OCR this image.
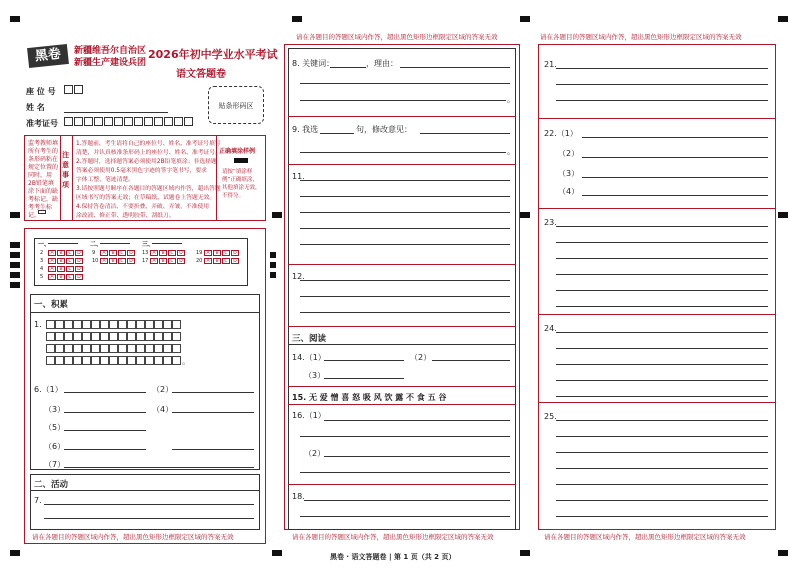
黑卷	新疆维吾尔自治区
新疆生产建设兵团
2026年初中学业水平考试
语文答题卷
座 位 号
姓 名
准考证号
贴条形码区
监考教师填所有考生的条形码粘在规定位置的同时，用2B铅笔填涂下面的缺考标记，缺考考生标记。
注意事项
1.答题前，考生请将自己的座位号、姓名、准考证号填写
清楚，并认真核准条形码上的座位号、姓名、准考证号。
2.答题时，选择题答案必须使用2B铅笔填涂；非选择题
答案必须使用0.5毫米黑色字迹的签字笔书写，要求
字体工整、笔迹清楚。
3.请按照题号顺序在各题目的答题区域内作答，超出答题
区域书写的答案无效；在草稿纸、试题卷上答题无效。
4.保持答卷清洁、不要折叠、弄破、弄皱，不准使用
涂改液、修正带、透明胶带、刮纸刀。
正确填涂样例
请按“填涂样例”正确填涂，其他填涂无效，不得分。
一、	二、	三、
2	A	B	C	D
3	A	B	C	D
4	A	B	C	D
5	A	B	C	D
9	A	B	C	D
10 A	B	C	D
13 A	B	C	D
17 A	B	C	D
19 A	B	C	D
20 A	B	C	D
一、积累
1.
。
6.（1）	（2）
（3）	（4）
（5）
（6）
（7）
二、活动
7.
请在各题目的答题区域内作答，超出黑色矩形边框限定区域的答案无效
请在各题目的答题区域内作答，超出黑色矩形边框限定区域的答案无效
8. 关键词：	，理由：
。
9. 我选	句，修改意见：
。
11.
12.
三、阅读
14.（1）	（2）
（3）
15. 无 爱 憎 喜 怒 吸 风 饮 露 不 食 五 谷
16.（1）
（2）
18.
请在各题目的答题区域内作答，超出黑色矩形边框限定区域的答案无效
请在各题目的答题区域内作答，超出黑色矩形边框限定区域的答案无效
21.
22.（1）
（2）
（3）
（4）
23.
24.
25.
请在各题目的答题区域内作答，超出黑色矩形边框限定区域的答案无效
黑卷 · 语文答题卷 | 第 1 页（共 2 页）
